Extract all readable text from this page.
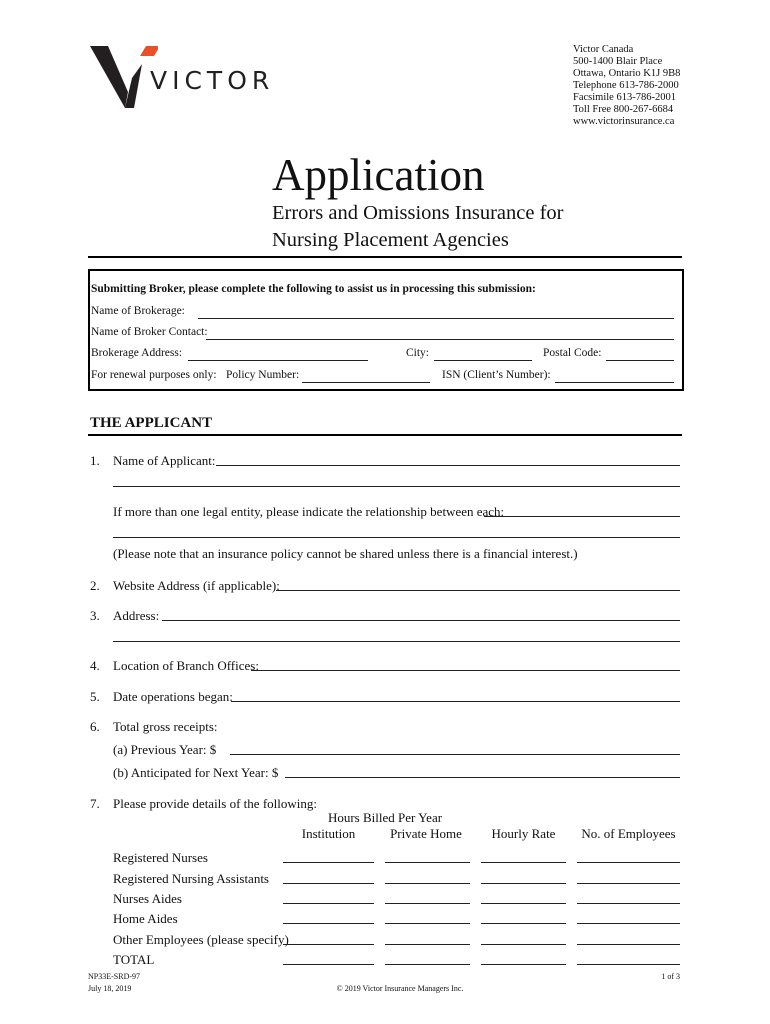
VICTOR
Victor Canada
500-1400 Blair Place
Ottawa, Ontario K1J 9B8
Telephone 613-786-2000
Facsimile 613-786-2001
Toll Free 800-267-6684
www.victorinsurance.ca
Application
Errors and Omissions Insurance for
Nursing Placement Agencies
Submitting Broker, please complete the following to assist us in processing this submission:
Name of Brokerage:
Name of Broker Contact:
Brokerage Address:	City:	Postal Code:
For renewal purposes only: Policy Number:	ISN (Client’s Number):
THE APPLICANT
1. Name of Applicant:
If more than one legal entity, please indicate the relationship between each:
(Please note that an insurance policy cannot be shared unless there is a financial interest.)
2. Website Address (if applicable):
3. Address:
4. Location of Branch Offices:
5. Date operations began:
6. Total gross receipts:
(a) Previous Year: $
(b) Anticipated for Next Year: $
7. Please provide details of the following:
Hours Billed Per Year
Institution	Private Home	Hourly Rate	No. of Employees
Registered Nurses
Registered Nursing Assistants
Nurses Aides
Home Aides
Other Employees (please specify)
TOTAL
NP33E-SRD-97
July 18, 2019	© 2019 Victor Insurance Managers Inc.
1 of 3
